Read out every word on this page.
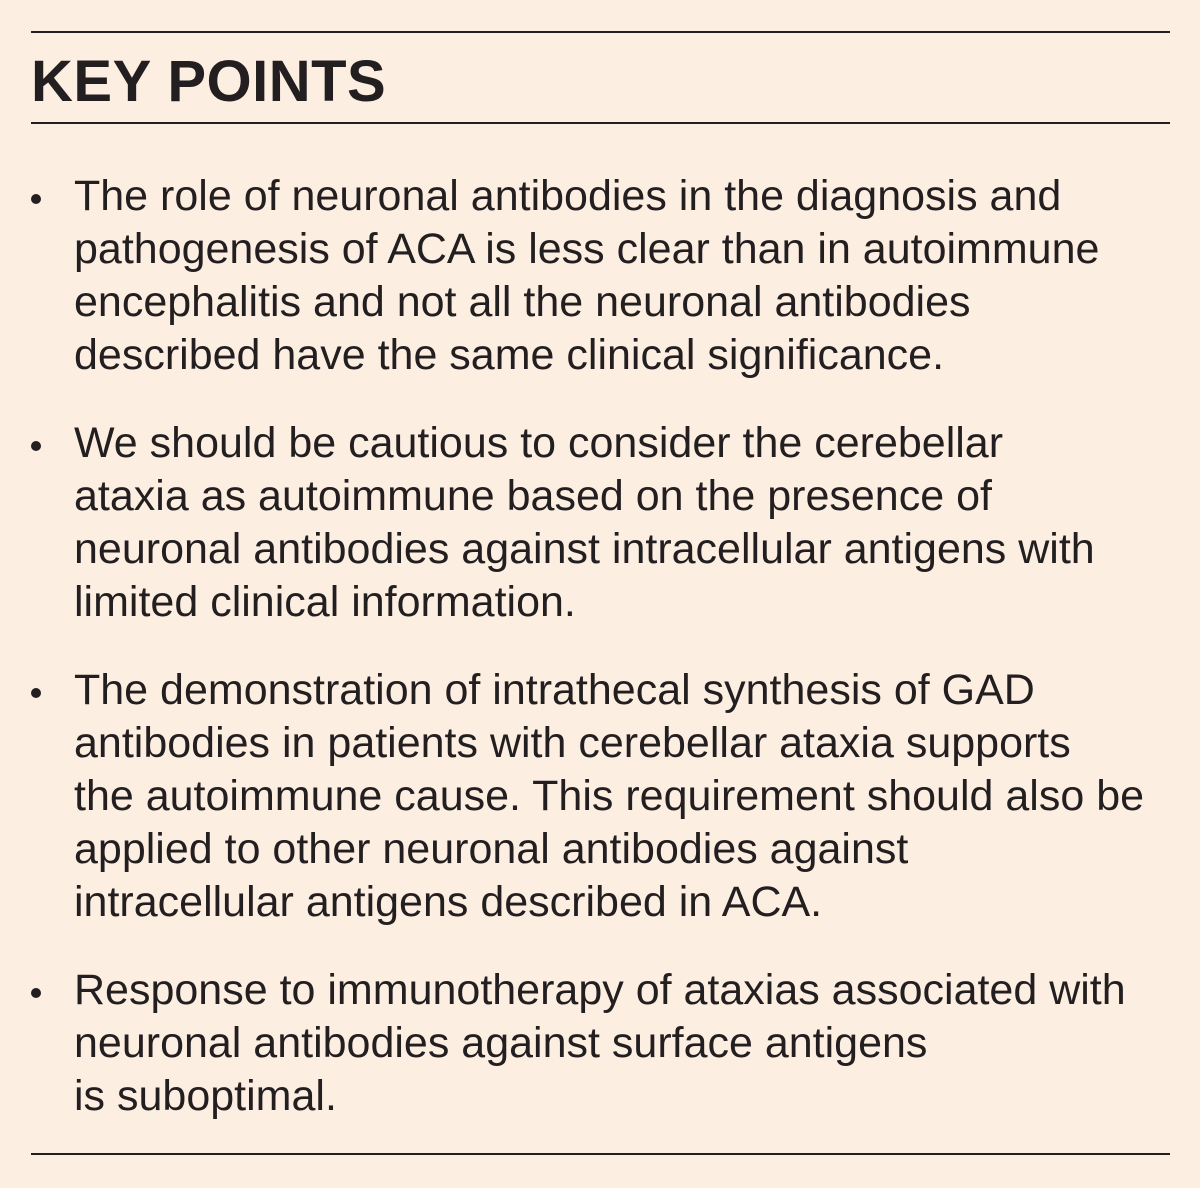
KEY POINTS
The role of neuronal antibodies in the diagnosis and
pathogenesis of ACA is less clear than in autoimmune
encephalitis and not all the neuronal antibodies
described have the same clinical significance.
We should be cautious to consider the cerebellar
ataxia as autoimmune based on the presence of
neuronal antibodies against intracellular antigens with
limited clinical information.
The demonstration of intrathecal synthesis of GAD
antibodies in patients with cerebellar ataxia supports
the autoimmune cause. This requirement should also be
applied to other neuronal antibodies against
intracellular antigens described in ACA.
Response to immunotherapy of ataxias associated with
neuronal antibodies against surface antigens
is suboptimal.
